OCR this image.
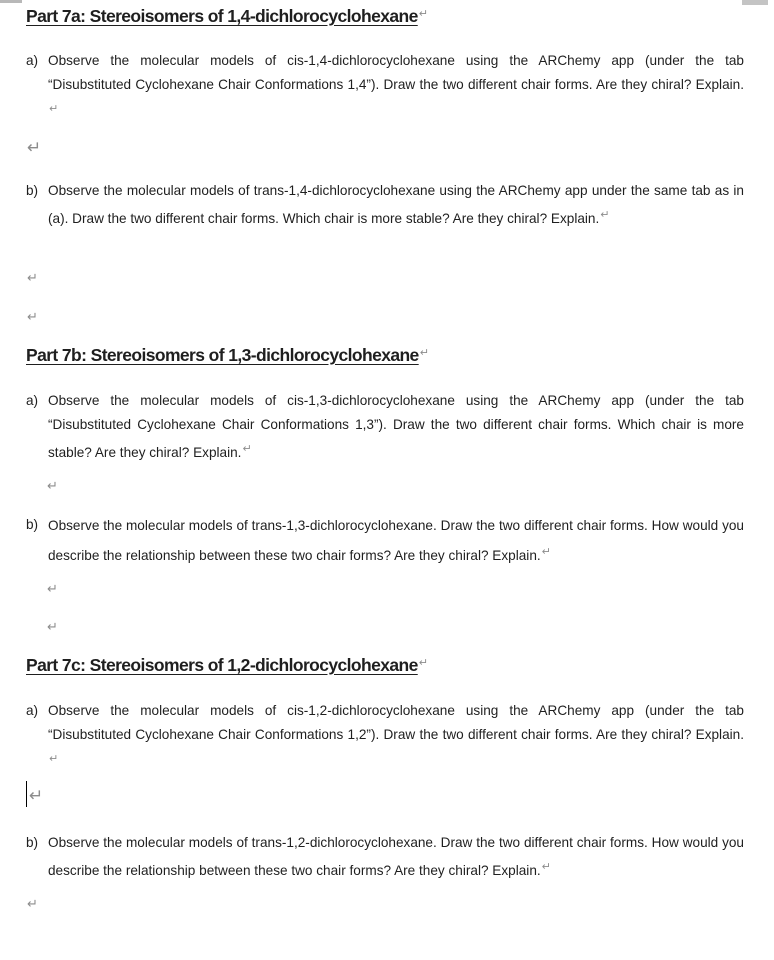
Part 7a: Stereoisomers of 1,4-dichlorocyclohexane↵
a) Observe the molecular models of cis-1,4-dichlorocyclohexane using the ARChemy app (under the tab “Disubstituted Cyclohexane Chair Conformations 1,4”). Draw the two different chair forms. Are they chiral? Explain.↵
↵
b) Observe the molecular models of trans-1,4-dichlorocyclohexane using the ARChemy app under the same tab as in (a). Draw the two different chair forms. Which chair is more stable? Are they chiral? Explain.↵
↵
↵
Part 7b: Stereoisomers of 1,3-dichlorocyclohexane↵
a) Observe the molecular models of cis-1,3-dichlorocyclohexane using the ARChemy app (under the tab “Disubstituted Cyclohexane Chair Conformations 1,3”). Draw the two different chair forms. Which chair is more stable? Are they chiral? Explain.↵
↵
b) Observe the molecular models of trans-1,3-dichlorocyclohexane. Draw the two different chair forms. How would you describe the relationship between these two chair forms? Are they chiral? Explain.↵
↵
↵
Part 7c: Stereoisomers of 1,2-dichlorocyclohexane↵
a) Observe the molecular models of cis-1,2-dichlorocyclohexane using the ARChemy app (under the tab “Disubstituted Cyclohexane Chair Conformations 1,2”). Draw the two different chair forms. Are they chiral? Explain. ↵
↵
b) Observe the molecular models of trans-1,2-dichlorocyclohexane. Draw the two different chair forms. How would you describe the relationship between these two chair forms? Are they chiral? Explain.↵
↵
